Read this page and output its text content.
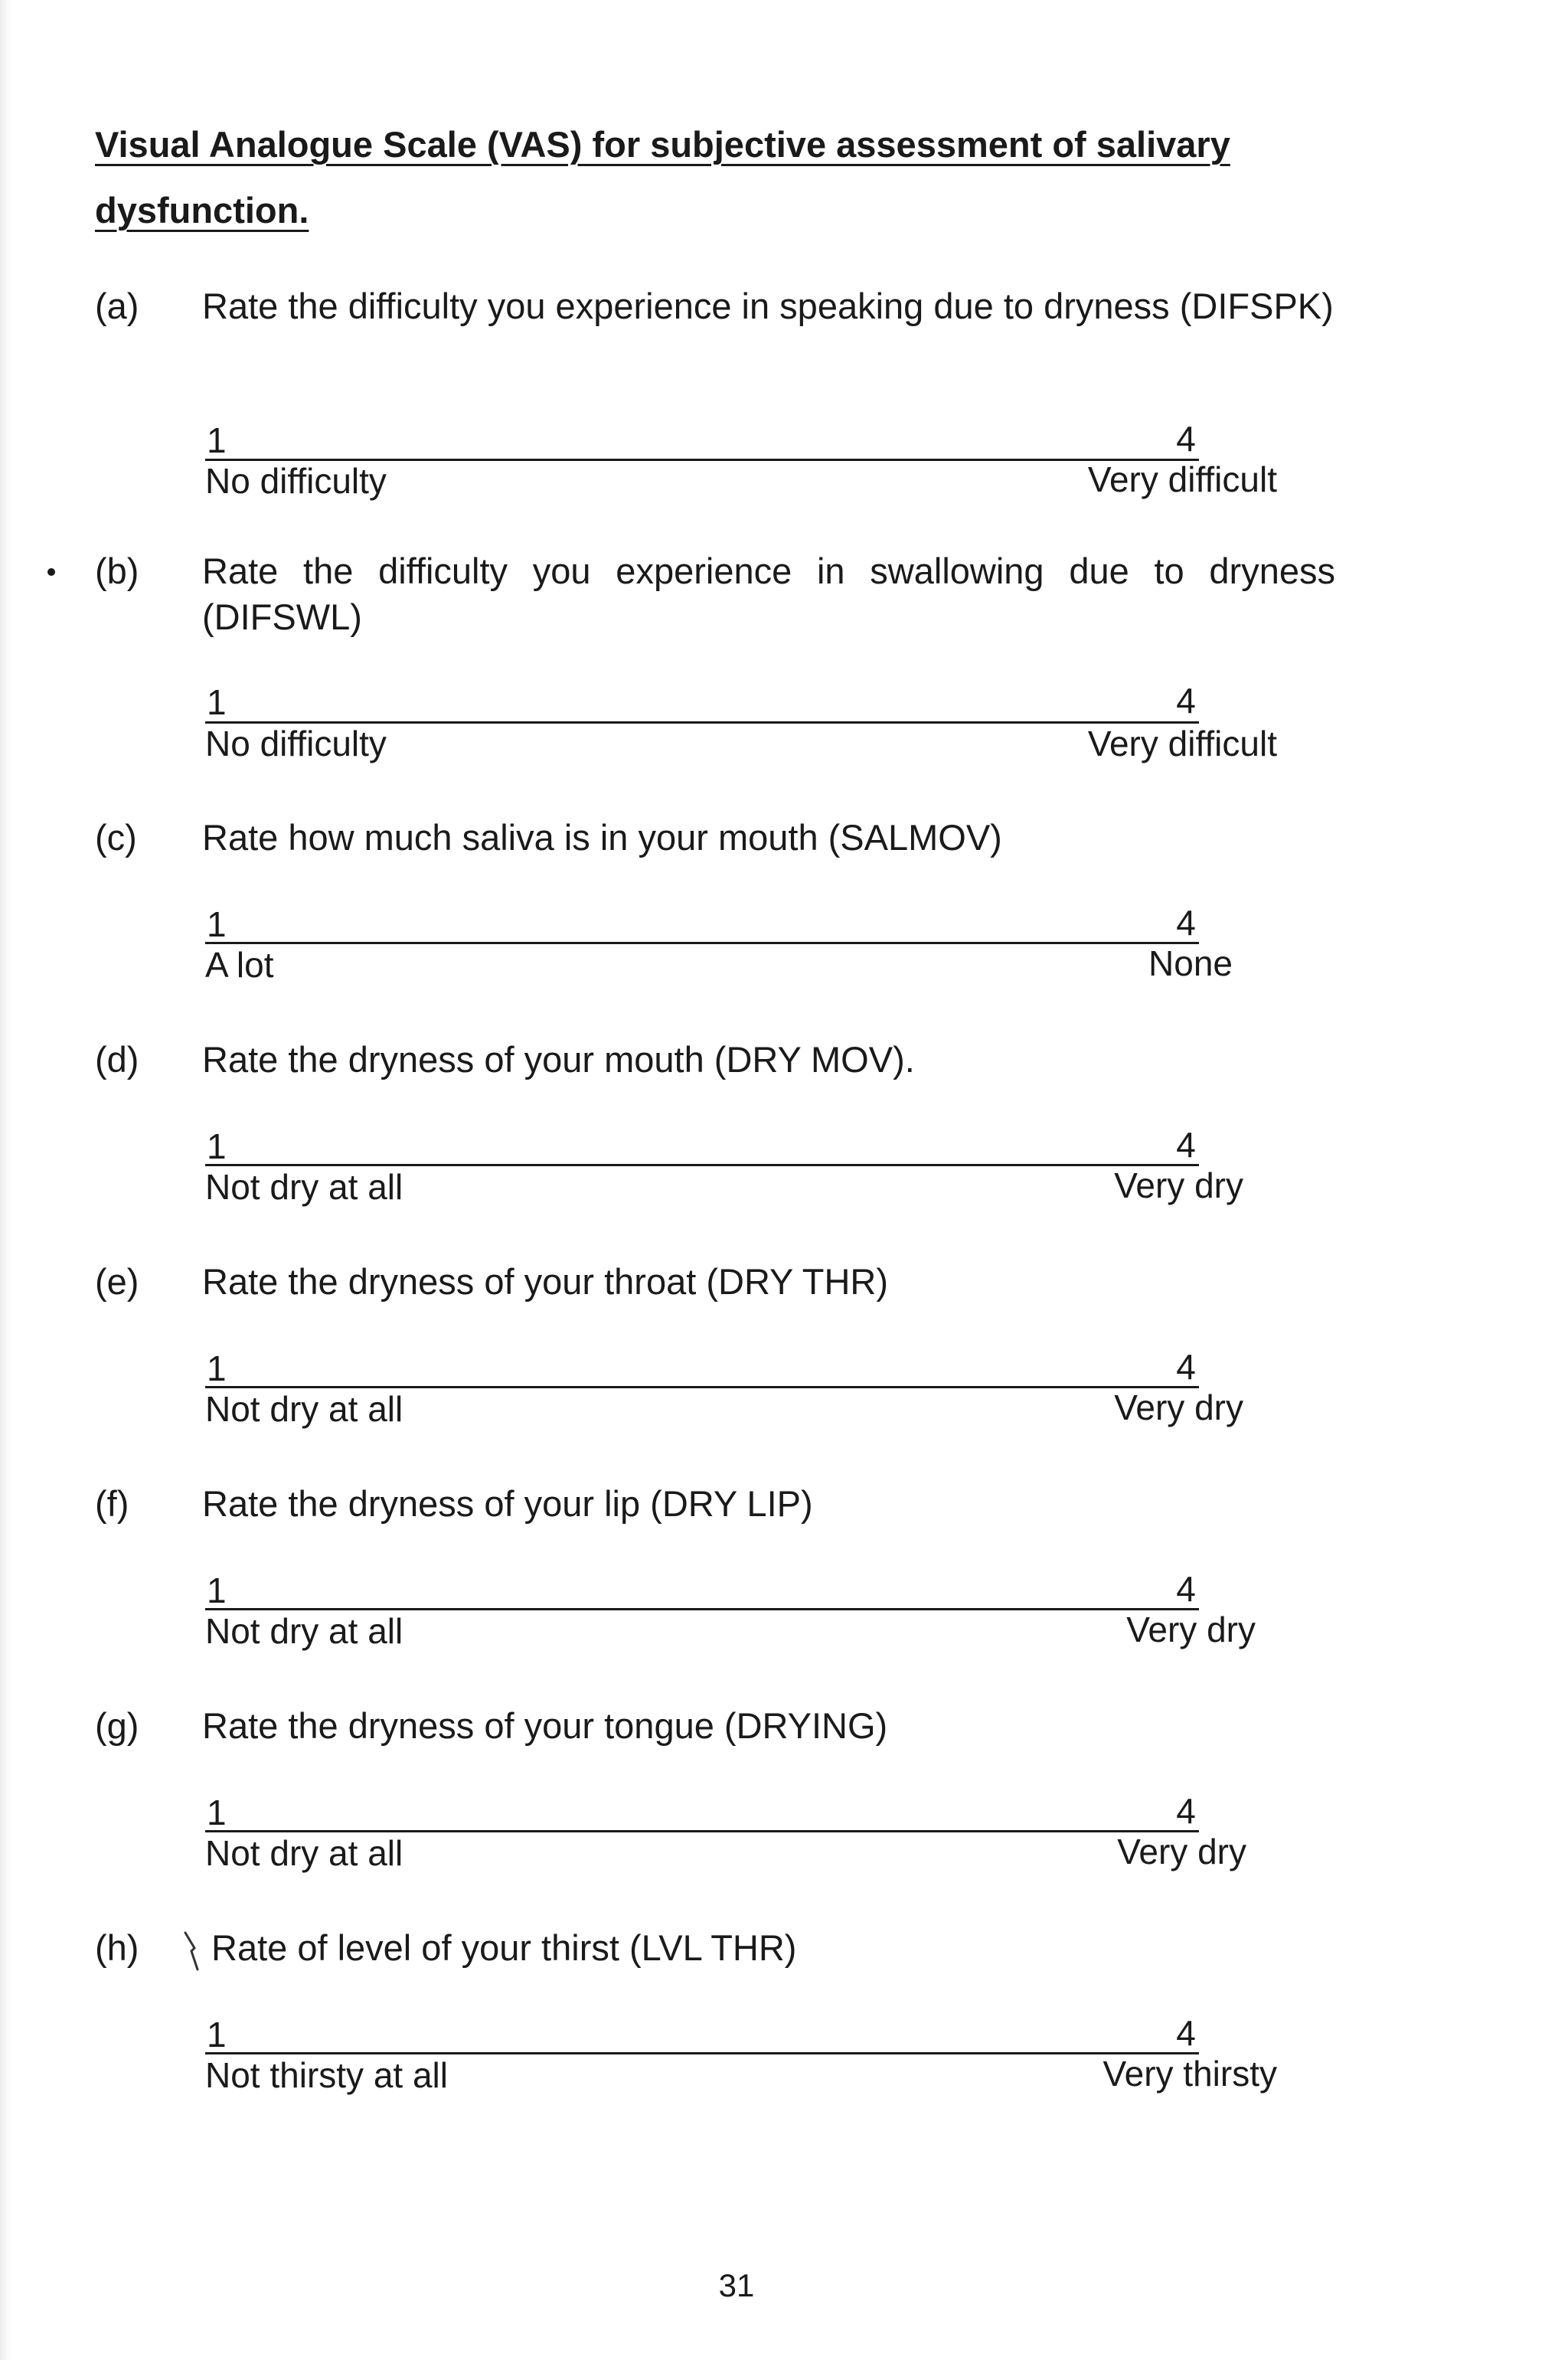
Visual Analogue Scale (VAS) for subjective assessment of salivary dysfunction.
(a) Rate the difficulty you experience in speaking due to dryness (DIFSPK)

1	4
No difficulty	Very difficult
(b) Rate the difficulty you experience in swallowing due to dryness (DIFSWL)

1	4
No difficulty	Very difficult
(c) Rate how much saliva is in your mouth (SALMOV)

1	4
A lot	None
(d) Rate the dryness of your mouth (DRY MOV).

1	4
Not dry at all	Very dry
(e) Rate the dryness of your throat (DRY THR)

1	4
Not dry at all	Very dry
(f) Rate the dryness of your lip (DRY LIP)

1	4
Not dry at all	Very dry
(g) Rate the dryness of your tongue (DRYING)

1	4
Not dry at all	Very dry
(h) Rate of level of your thirst (LVL THR)

1	4
Not thirsty at all	Very thirsty
31
